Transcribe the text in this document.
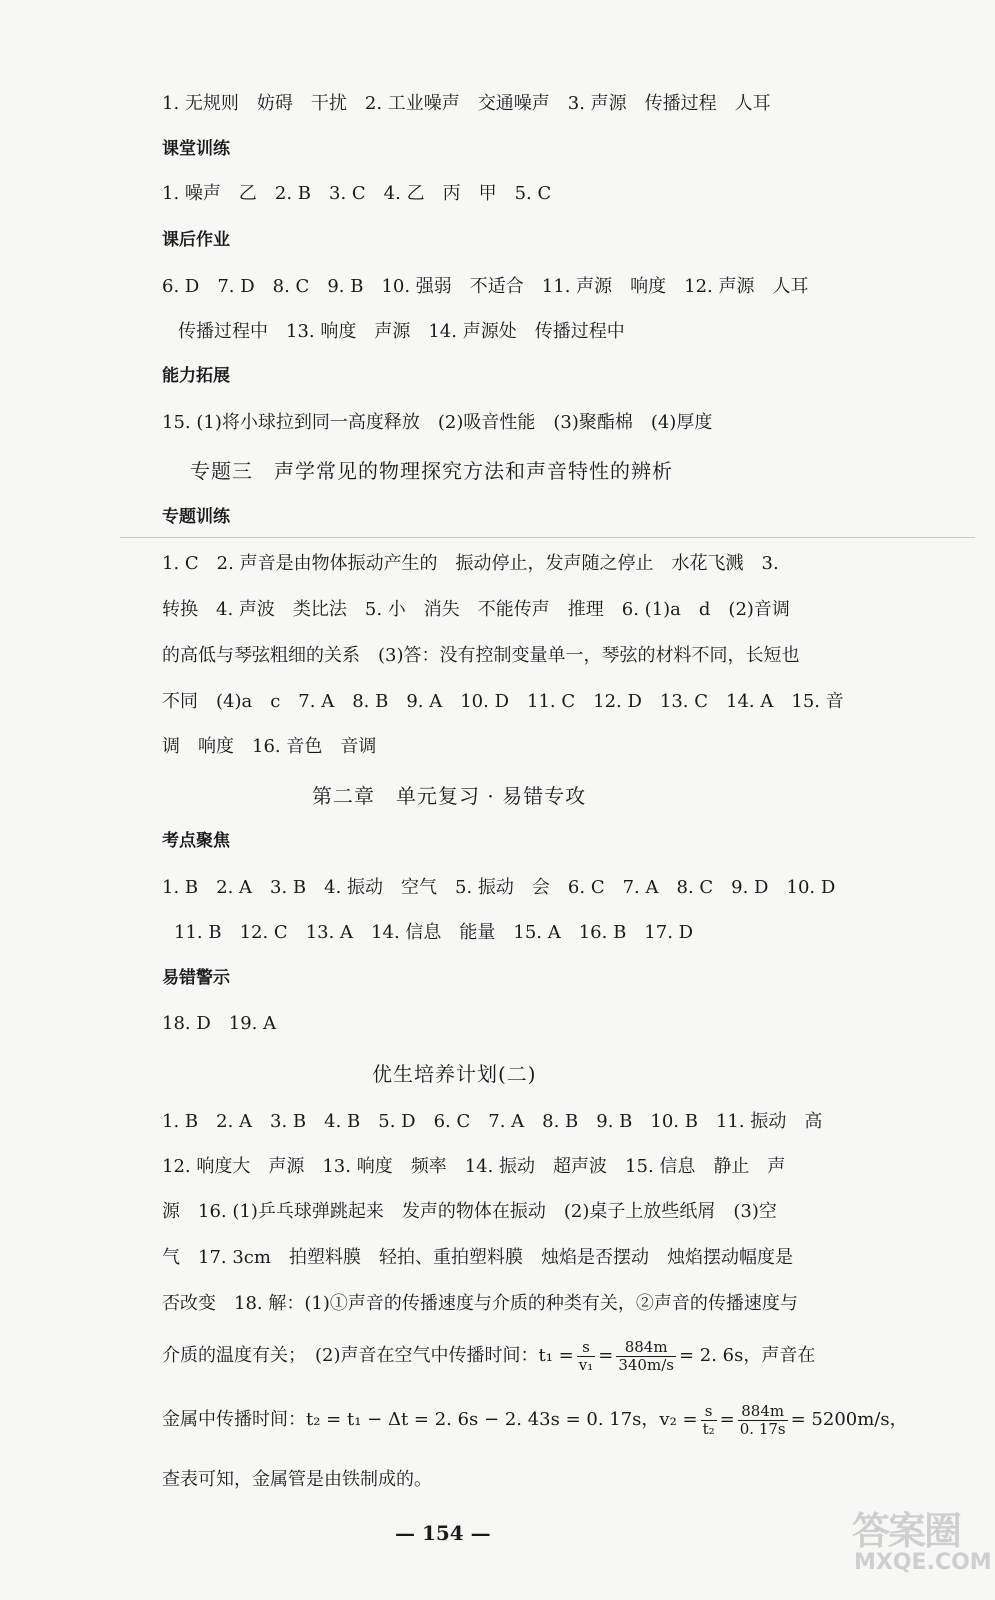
1. 无规则　妨碍　干扰　2. 工业噪声　交通噪声　3. 声源　传播过程　人耳
课堂训练
1. 噪声　乙　2. B　3. C　4. 乙　丙　甲　5. C
课后作业
6. D　7. D　8. C　9. B　10. 强弱　不适合　11. 声源　响度　12. 声源　人耳
传播过程中　13. 响度　声源　14. 声源处　传播过程中
能力拓展
15. (1)将小球拉到同一高度释放　(2)吸音性能　(3)聚酯棉　(4)厚度
专题三　声学常见的物理探究方法和声音特性的辨析
专题训练
1. C　2. 声音是由物体振动产生的　振动停止，发声随之停止　水花飞溅　3.
转换　4. 声波　类比法　5. 小　消失　不能传声　推理　6. (1)a　d　(2)音调
的高低与琴弦粗细的关系　(3)答：没有控制变量单一，琴弦的材料不同，长短也
不同　(4)a　c　7. A　8. B　9. A　10. D　11. C　12. D　13. C　14. A　15. 音
调　响度　16. 音色　音调
第二章　单元复习 · 易错专攻
考点聚焦
1. B　2. A　3. B　4. 振动　空气　5. 振动　会　6. C　7. A　8. C　9. D　10. D
11. B　12. C　13. A　14. 信息　能量　15. A　16. B　17. D
易错警示
18. D　19. A
优生培养计划(二)
1. B　2. A　3. B　4. B　5. D　6. C　7. A　8. B　9. B　10. B　11. 振动　高
12. 响度大　声源　13. 响度　频率　14. 振动　超声波　15. 信息　静止　声
源　16. (1)乒乓球弹跳起来　发声的物体在振动　(2)桌子上放些纸屑　(3)空
气　17. 3cm　拍塑料膜　轻拍、重拍塑料膜　烛焰是否摆动　烛焰摆动幅度是
否改变　18. 解：(1)①声音的传播速度与介质的种类有关，②声音的传播速度与
介质的温度有关；　(2)声音在空气中传播时间：$t_1 = \frac{s}{\text{v₁}} = \frac{884m}{340m/s} = 2$. 6s，声音在
金属中传播时间：t₂ = t₁ − Δt = 2. 6s − 2. 43s = 0. 17s，$v_2 = \frac{s}{\text{t₂}} = \frac{884m}{0. 17s} = 5200m/s$，
查表可知，金属管是由铁制成的。
— 154 —	答案圈
MXQE.COM
